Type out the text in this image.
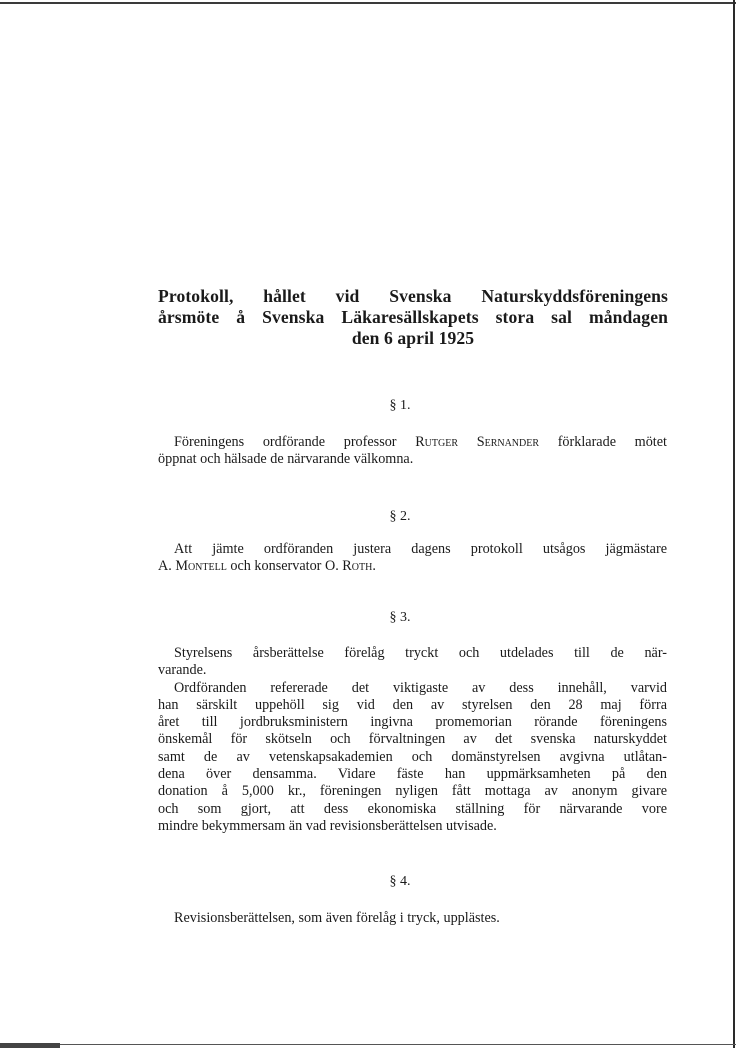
Protokoll, hållet vid Svenska Naturskyddsföreningens
årsmöte å Svenska Läkaresällskapets stora sal måndagen
den 6 april 1925
§ 1.
Föreningens ordförande professor Rutger Sernander förklarade mötet
öppnat och hälsade de närvarande välkomna.
§ 2.
Att jämte ordföranden justera dagens protokoll utsågos jägmästare
A. Montell och konservator O. Roth.
§ 3.
Styrelsens årsberättelse förelåg tryckt och utdelades till de när-
varande.
Ordföranden refererade det viktigaste av dess innehåll, varvid
han särskilt uppehöll sig vid den av styrelsen den 28 maj förra
året till jordbruksministern ingivna promemorian rörande föreningens
önskemål för skötseln och förvaltningen av det svenska naturskyddet
samt de av vetenskapsakademien och domänstyrelsen avgivna utlåtan-
dena över densamma. Vidare fäste han uppmärksamheten på den
donation å 5,000 kr., föreningen nyligen fått mottaga av anonym givare
och som gjort, att dess ekonomiska ställning för närvarande vore
mindre bekymmersam än vad revisionsberättelsen utvisade.
§ 4.
Revisionsberättelsen, som även förelåg i tryck, upplästes.
